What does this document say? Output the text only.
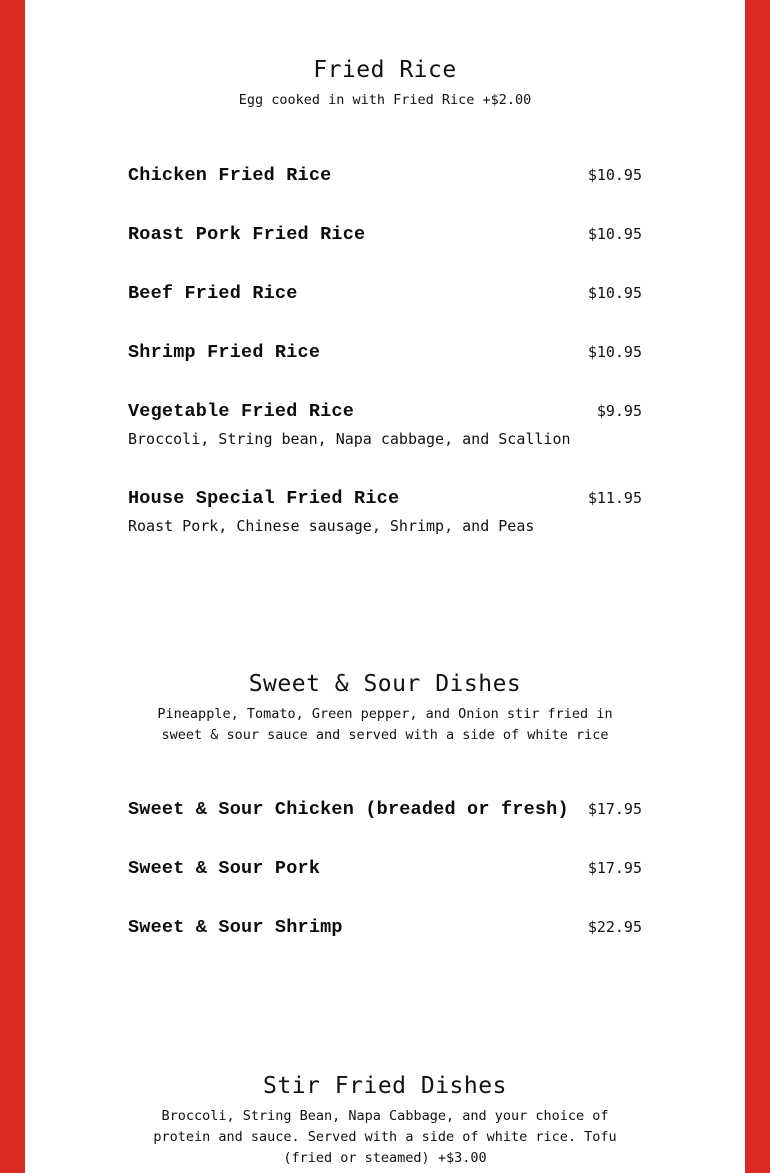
Fried Rice

Egg cooked in with Fried Rice +$2.00

Chicken Fried Rice	$10.95
Roast Pork Fried Rice	$10.95
Beef Fried Rice	$10.95
Shrimp Fried Rice	$10.95
Vegetable Fried Rice	$9.95

Broccoli, String bean, Napa cabbage, and Scallion

House Special Fried Rice	$11.95

Roast Pork, Chinese sausage, Shrimp, and Peas

Sweet & Sour Dishes

Pineapple, Tomato, Green pepper, and Onion stir fried in sweet & sour sauce and served with a side of white rice

Sweet & Sour Chicken (breaded or fresh) $17.95
Sweet & Sour Pork	$17.95
Sweet & Sour Shrimp	$22.95
Stir Fried Dishes

Broccoli, String Bean, Napa Cabbage, and your choice of protein and sauce. Served with a side of white rice. Tofu (fried or steamed) +$3.00
